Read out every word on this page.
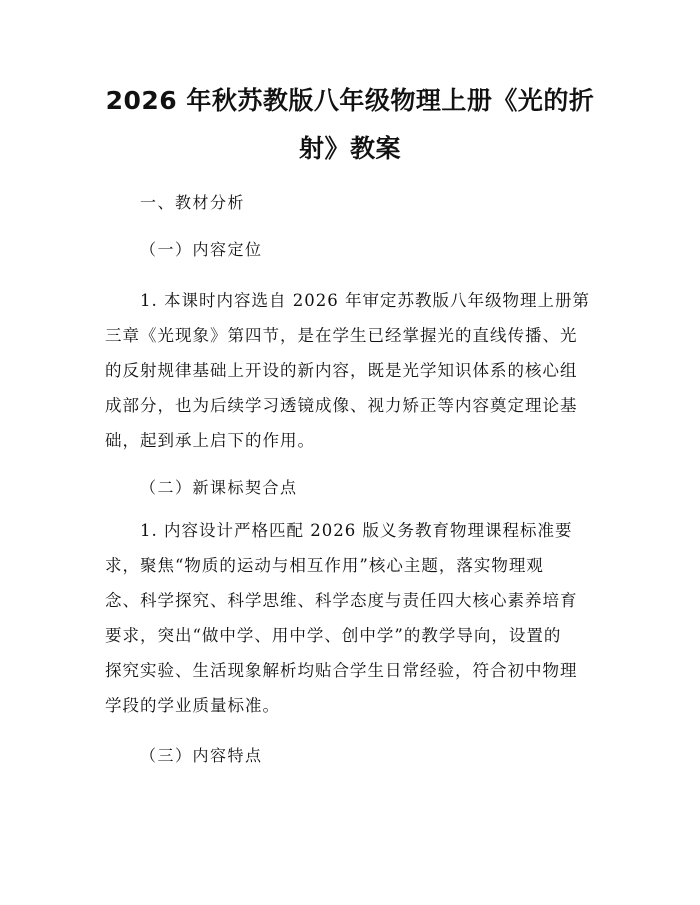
2026 年秋苏教版八年级物理上册《光的折
射》教案
一、教材分析
（一）内容定位
　　1. 本课时内容选自 2026 年审定苏教版八年级物理上册第
三章《光现象》第四节，是在学生已经掌握光的直线传播、光
的反射规律基础上开设的新内容，既是光学知识体系的核心组
成部分，也为后续学习透镜成像、视力矫正等内容奠定理论基
础，起到承上启下的作用。
（二）新课标契合点
　　1. 内容设计严格匹配 2026 版义务教育物理课程标准要
求，聚焦“物质的运动与相互作用”核心主题，落实物理观
念、科学探究、科学思维、科学态度与责任四大核心素养培育
要求，突出“做中学、用中学、创中学”的教学导向，设置的
探究实验、生活现象解析均贴合学生日常经验，符合初中物理
学段的学业质量标准。
（三）内容特点
